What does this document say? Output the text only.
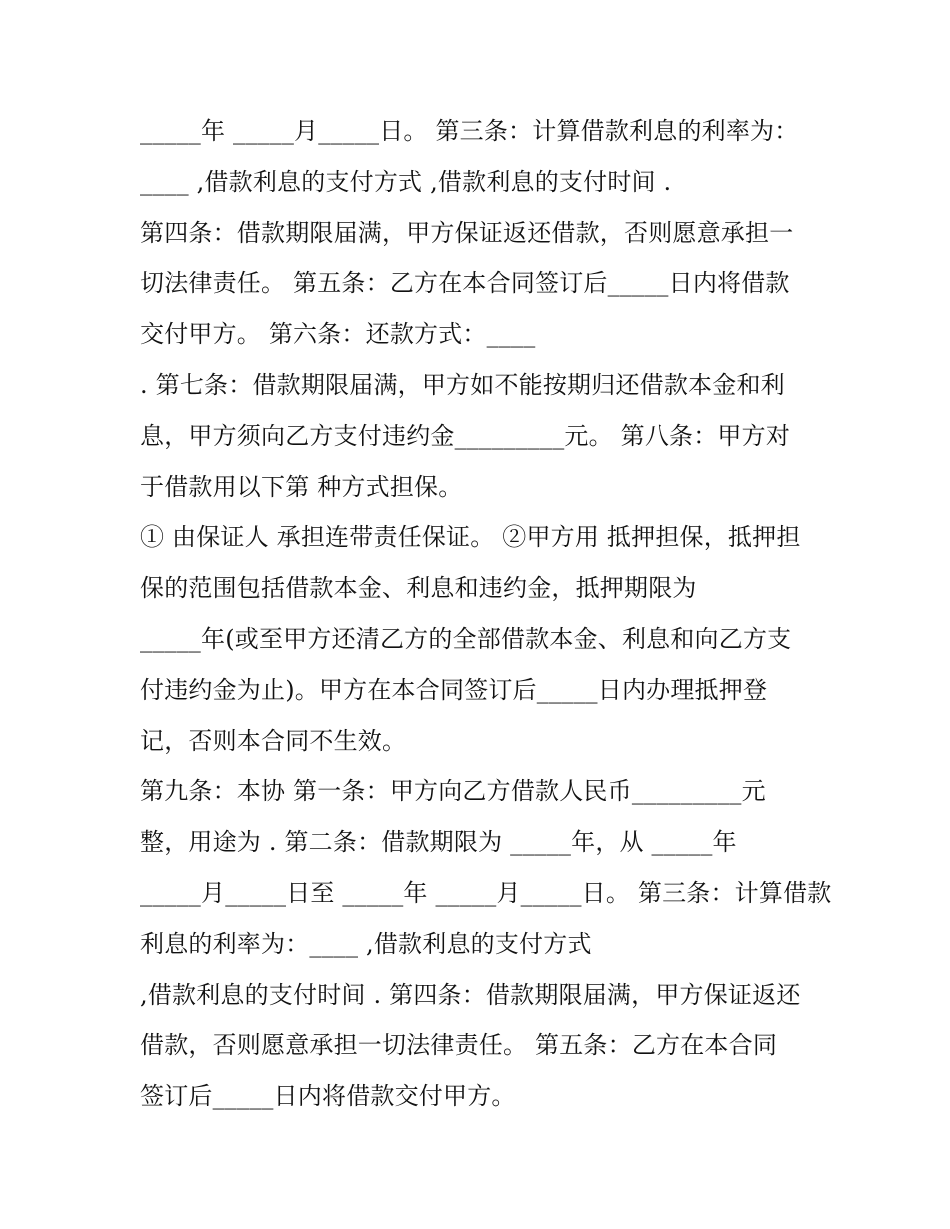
_____年 _____月_____日。 第三条：计算借款利息的利率为：
____ ,借款利息的支付方式 ,借款利息的支付时间 .
第四条：借款期限届满，甲方保证返还借款，否则愿意承担一
切法律责任。 第五条：乙方在本合同签订后_____日内将借款
交付甲方。 第六条：还款方式：____
. 第七条：借款期限届满，甲方如不能按期归还借款本金和利
息，甲方须向乙方支付违约金_________元。 第八条：甲方对
于借款用以下第 种方式担保。
① 由保证人 承担连带责任保证。 ②甲方用 抵押担保，抵押担
保的范围包括借款本金、利息和违约金，抵押期限为
_____年(或至甲方还清乙方的全部借款本金、利息和向乙方支
付违约金为止)。甲方在本合同签订后_____日内办理抵押登
记，否则本合同不生效。
第九条：本协 第一条：甲方向乙方借款人民币_________元
整，用途为 . 第二条：借款期限为 _____年，从 _____年
_____月_____日至 _____年 _____月_____日。 第三条：计算借款
利息的利率为：____ ,借款利息的支付方式
,借款利息的支付时间 . 第四条：借款期限届满，甲方保证返还
借款，否则愿意承担一切法律责任。 第五条：乙方在本合同
签订后_____日内将借款交付甲方。
